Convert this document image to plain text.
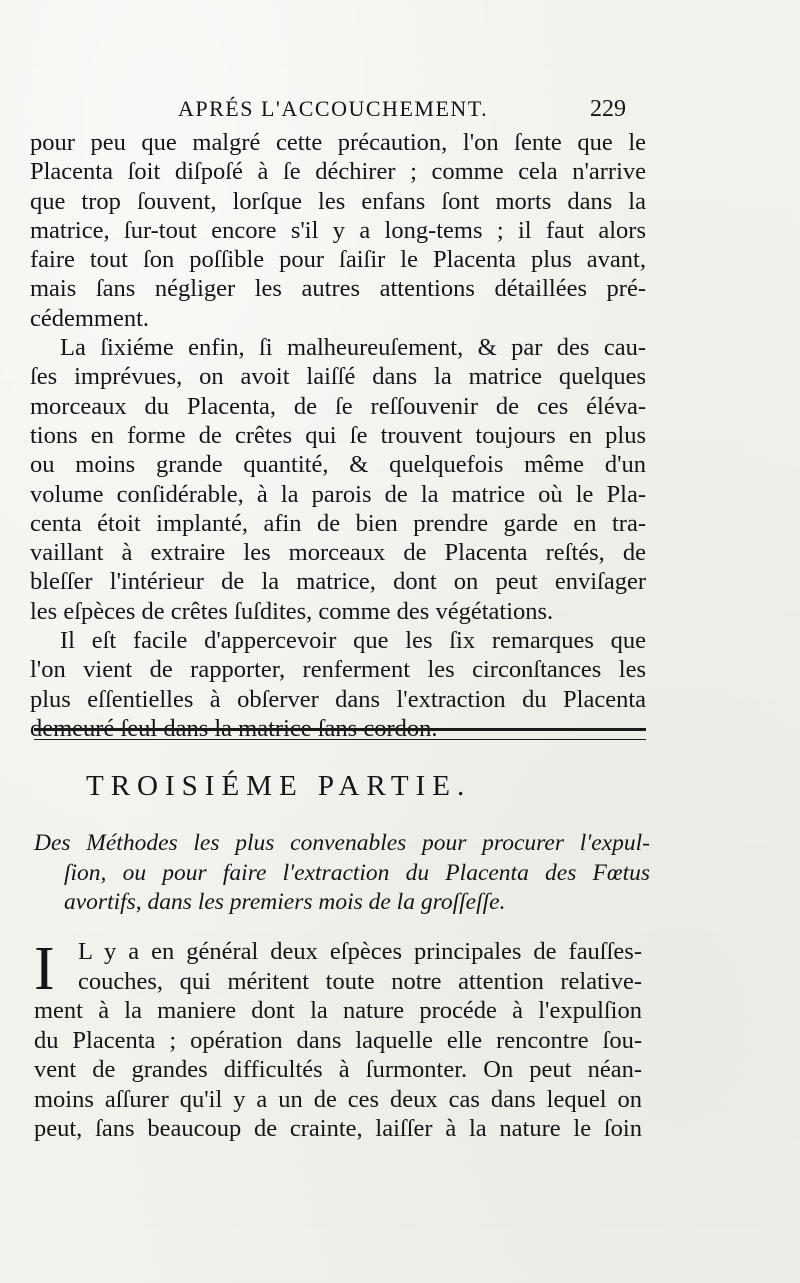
APRÉS L'ACCOUCHEMENT.	229
pour peu que malgré cette précaution, l'on ſente que le
Placenta ſoit diſpoſé à ſe déchirer ; comme cela n'arrive
que trop ſouvent, lorſque les enfans ſont morts dans la
matrice, ſur-tout encore s'il y a long-tems ; il faut alors
faire tout ſon poſſible pour ſaiſir le Placenta plus avant,
mais ſans négliger les autres attentions détaillées pré-
cédemment.
La ſixiéme enfin, ſi malheureuſement, & par des cau-
ſes imprévues, on avoit laiſſé dans la matrice quelques
morceaux du Placenta, de ſe reſſouvenir de ces éléva-
tions en forme de crêtes qui ſe trouvent toujours en plus
ou moins grande quantité, & quelquefois même d'un
volume conſidérable, à la parois de la matrice où le Pla-
centa étoit implanté, afin de bien prendre garde en tra-
vaillant à extraire les morceaux de Placenta reſtés, de
bleſſer l'intérieur de la matrice, dont on peut enviſager
les eſpèces de crêtes ſuſdites, comme des végétations.
Il eſt facile d'appercevoir que les ſix remarques que
l'on vient de rapporter, renferment les circonſtances les
plus eſſentielles à obſerver dans l'extraction du Placenta
demeuré ſeul dans la matrice ſans cordon.
TROISIÉME PARTIE.
Des Méthodes les plus convenables pour procurer l'expul-
ſion, ou pour faire l'extraction du Placenta des Fœtus
avortifs, dans les premiers mois de la groſſeſſe.
I L y a en général deux eſpèces principales de fauſſes-
couches, qui méritent toute notre attention relative-
ment à la maniere dont la nature procéde à l'expulſion
du Placenta ; opération dans laquelle elle rencontre ſou-
vent de grandes difficultés à ſurmonter. On peut néan-
moins aſſurer qu'il y a un de ces deux cas dans lequel on
peut, ſans beaucoup de crainte, laiſſer à la nature le ſoin
